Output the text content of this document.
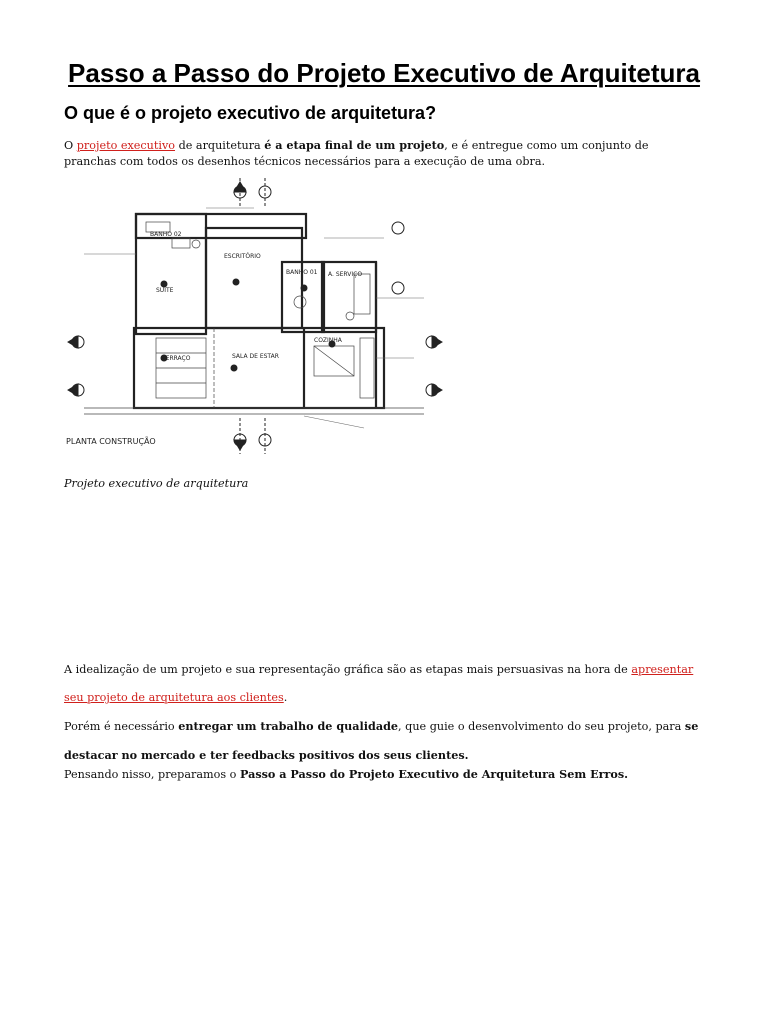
Passo a Passo do Projeto Executivo de Arquitetura
O que é o projeto executivo de arquitetura?
O projeto executivo de arquitetura é a etapa final de um projeto, e é entregue como um conjunto de pranchas com todos os desenhos técnicos necessários para a execução de uma obra.
BANHO 02
ESCRITÓRIO
SUÍTE
BANHO 01 A. SERVIÇO
TERRAÇO	SALA DE ESTAR
COZINHA
PLANTA CONSTRUÇÃO
Projeto executivo de arquitetura
A idealização de um projeto e sua representação gráfica são as etapas mais persuasivas na hora de apresentar seu projeto de arquitetura aos clientes.
Porém é necessário entregar um trabalho de qualidade, que guie o desenvolvimento do seu projeto, para se destacar no mercado e ter feedbacks positivos dos seus clientes.
Pensando nisso, preparamos o Passo a Passo do Projeto Executivo de Arquitetura Sem Erros.
